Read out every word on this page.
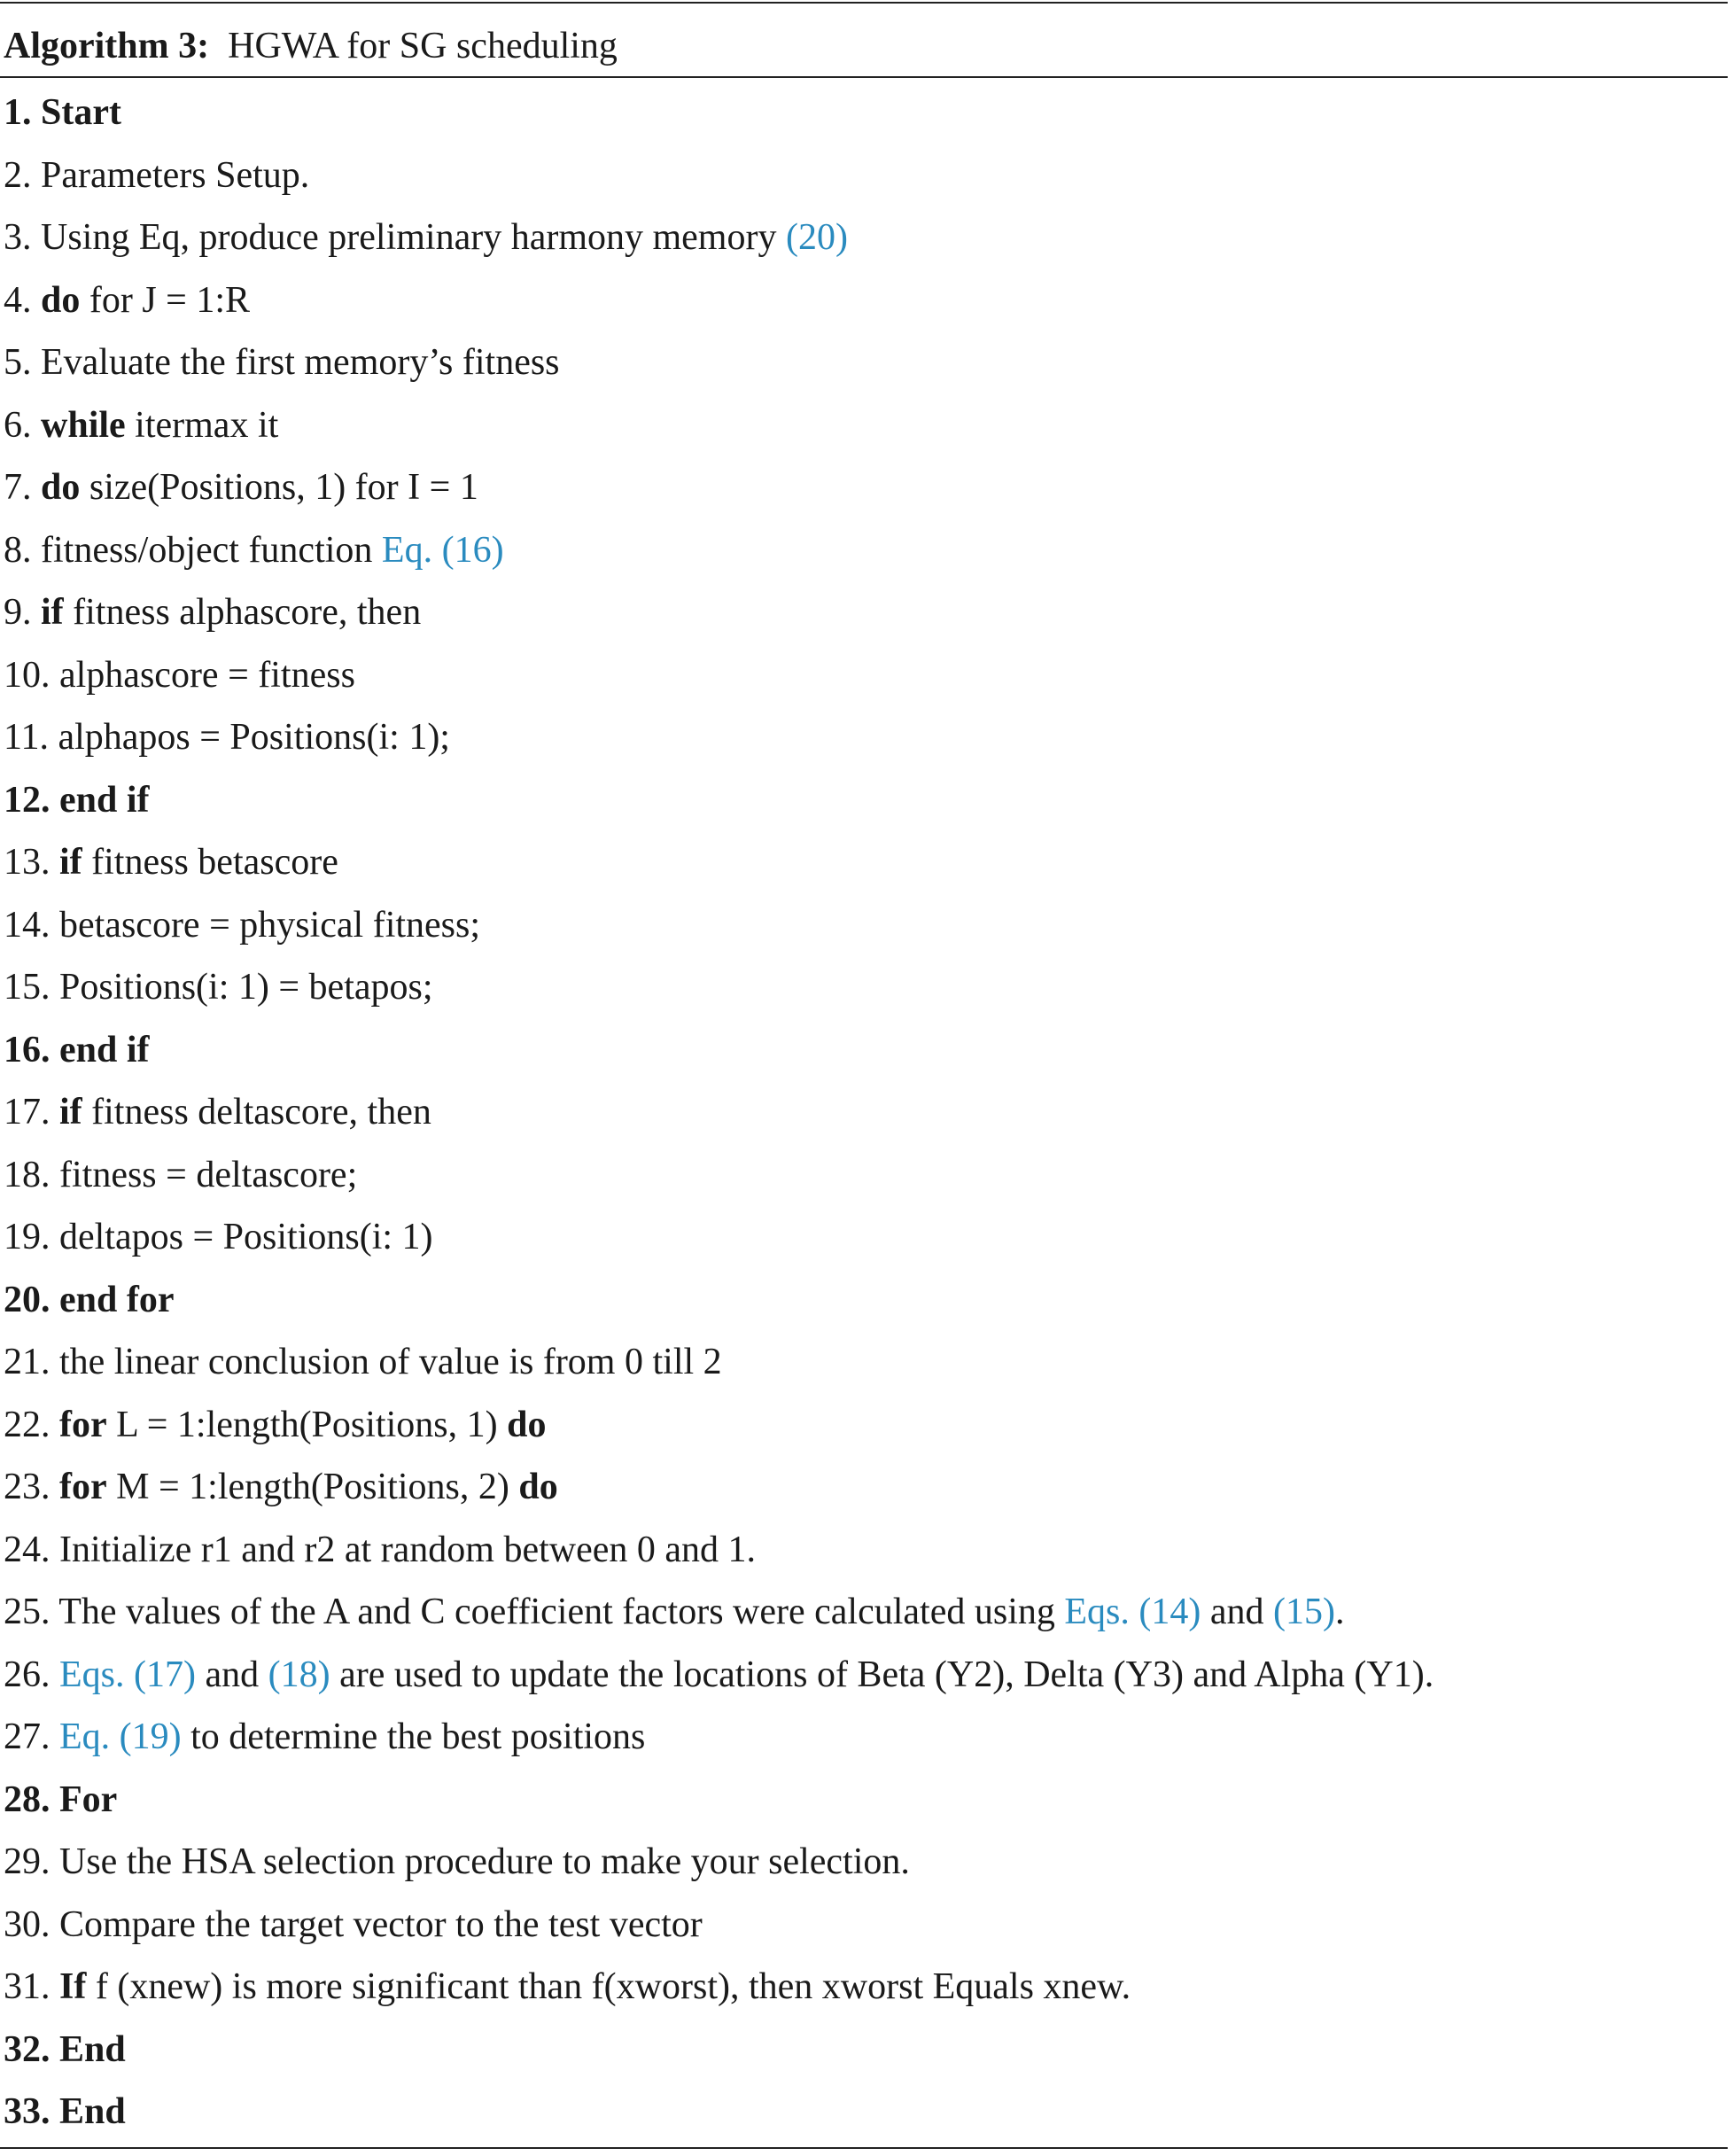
Algorithm 3: HGWA for SG scheduling
1. Start
2. Parameters Setup.
3. Using Eq, produce preliminary harmony memory (20)
4. do for J = 1:R
5. Evaluate the first memory’s fitness
6. while itermax it
7. do size(Positions, 1) for I = 1
8. fitness/object function Eq. (16)
9. if fitness alphascore, then
10. alphascore = fitness
11. alphapos = Positions(i: 1);
12. end if
13. if fitness betascore
14. betascore = physical fitness;
15. Positions(i: 1) = betapos;
16. end if
17. if fitness deltascore, then
18. fitness = deltascore;
19. deltapos = Positions(i: 1)
20. end for
21. the linear conclusion of value is from 0 till 2
22. for L = 1:length(Positions, 1) do
23. for M = 1:length(Positions, 2) do
24. Initialize r1 and r2 at random between 0 and 1.
25. The values of the A and C coefficient factors were calculated using Eqs. (14) and (15).
26. Eqs. (17) and (18) are used to update the locations of Beta (Y2), Delta (Y3) and Alpha (Y1).
27. Eq. (19) to determine the best positions
28. For
29. Use the HSA selection procedure to make your selection.
30. Compare the target vector to the test vector
31. If f (xnew) is more significant than f(xworst), then xworst Equals xnew.
32. End
33. End
